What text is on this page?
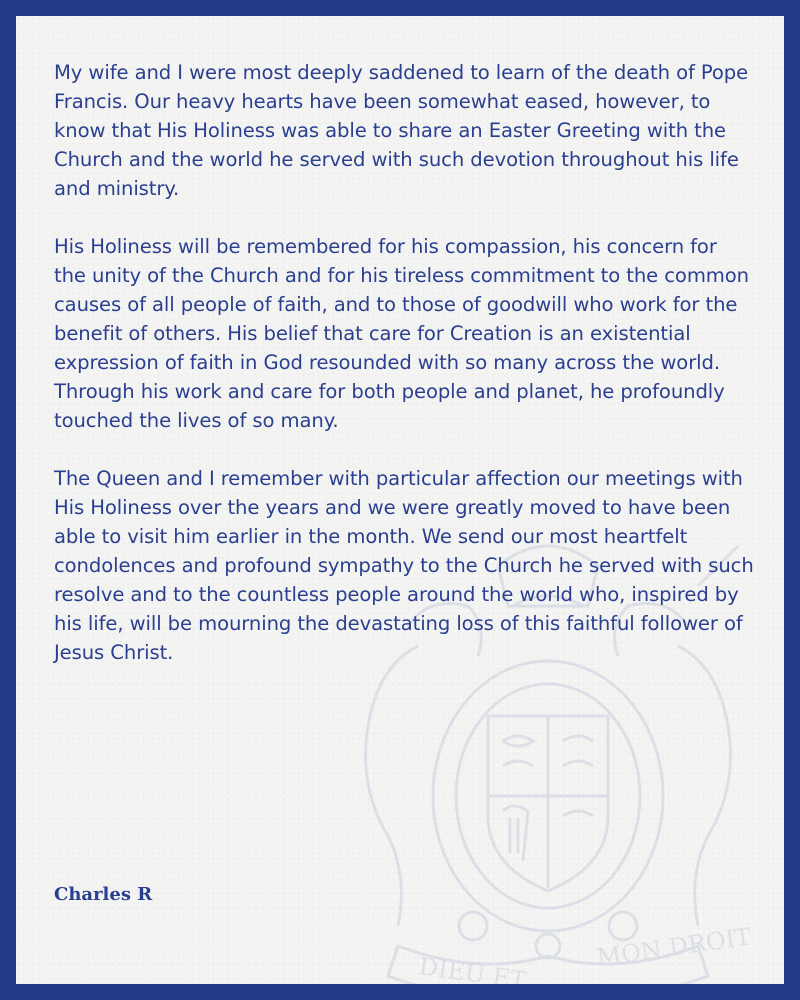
DIEU ET
MON DROIT

My wife and I were most deeply saddened to learn of the death of Pope Francis. Our heavy hearts have been somewhat eased, however, to know that His Holiness was able to share an Easter Greeting with the Church and the world he served with such devotion throughout his life and ministry.

His Holiness will be remembered for his compassion, his concern for the unity of the Church and for his tireless commitment to the common causes of all people of faith, and to those of goodwill who work for the benefit of others. His belief that care for Creation is an existential expression of faith in God resounded with so many across the world. Through his work and care for both people and planet, he profoundly touched the lives of so many.

The Queen and I remember with particular affection our meetings with His Holiness over the years and we were greatly moved to have been able to visit him earlier in the month. We send our most heartfelt condolences and profound sympathy to the Church he served with such resolve and to the countless people around the world who, inspired by his life, will be mourning the devastating loss of this faithful follower of Jesus Christ.

Charles R
